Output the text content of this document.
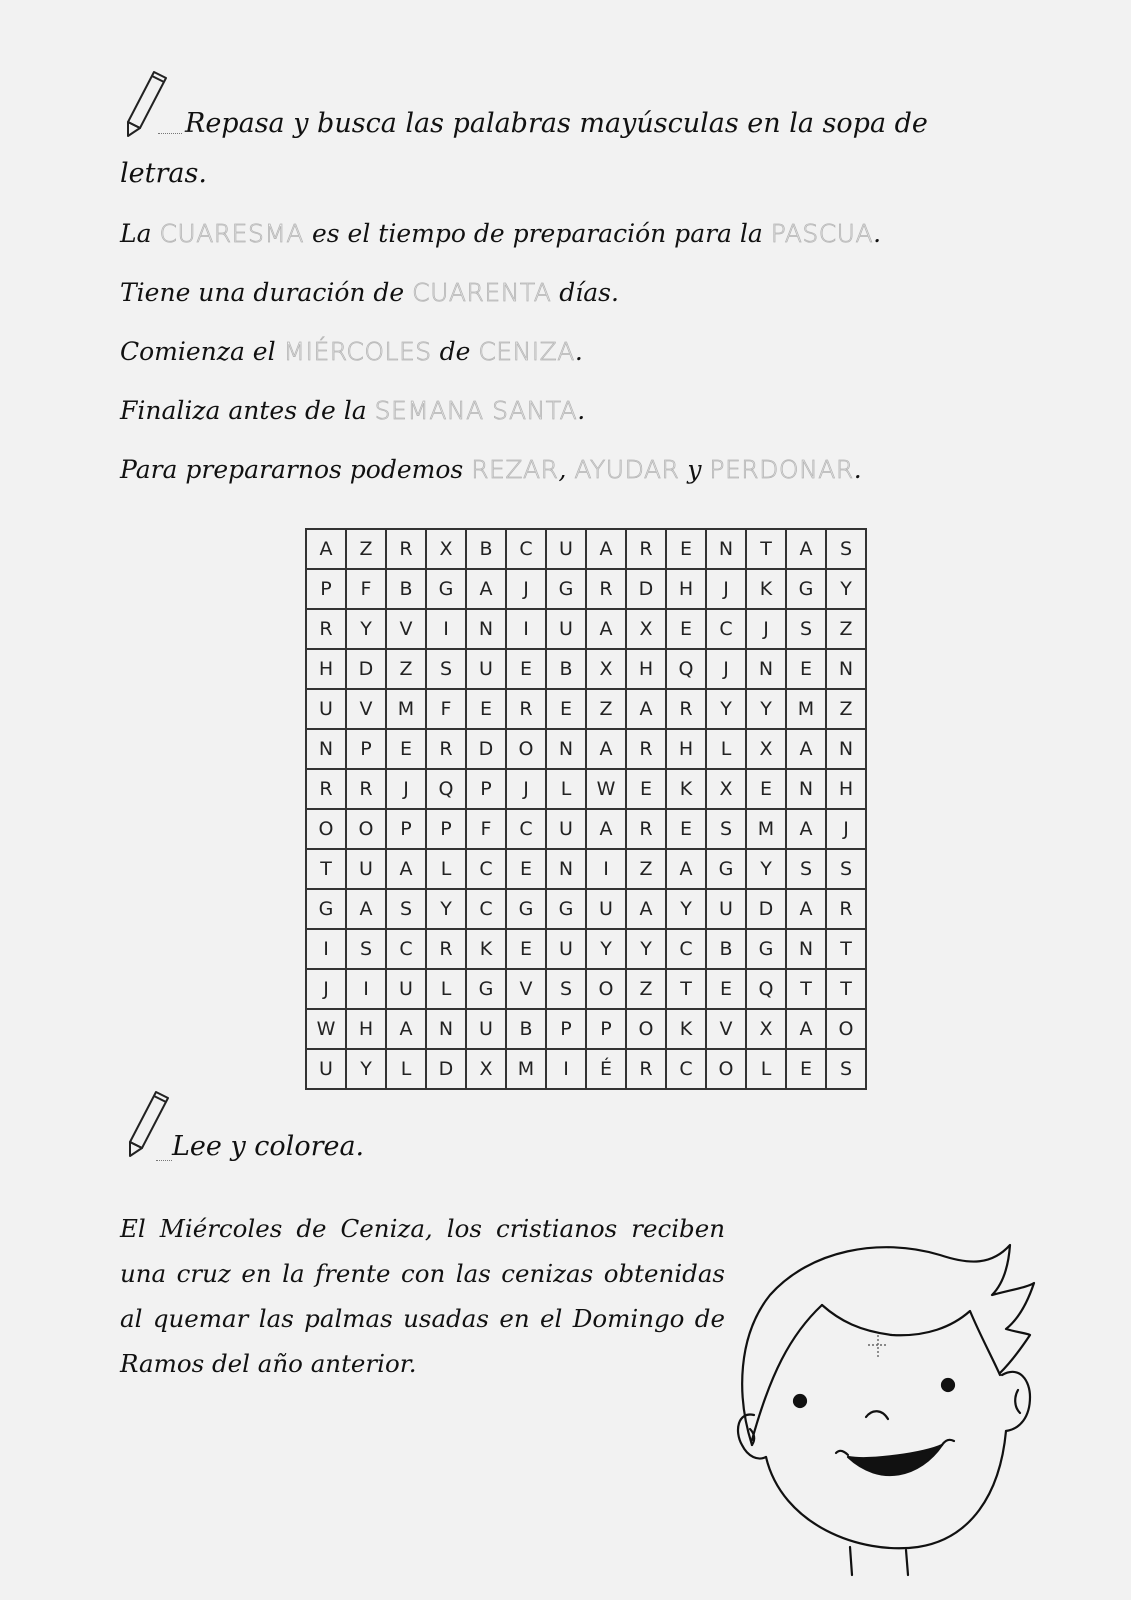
Repasa y busca las palabras mayúsculas en la sopa de

letras.

La CUARESMA es el tiempo de preparación para la PASCUA.

Tiene una duración de CUARENTA días.

Comienza el MIÉRCOLES de CENIZA.

Finaliza antes de la SEMANA SANTA.

Para prepararnos podemos REZAR, AYUDAR y PERDONAR.

A	Z	R	X	B	C	U	A	R	E	N	T	A	S
P	F	B	G	A	J	G	R	D	H	J	K	G	Y
R	Y	V	I	N	I	U	A	X	E	C	J	S	Z
H	D	Z	S	U	E	B	X	H	Q	J	N	E	N
U	V	M	F	E	R	E	Z	A	R	Y	Y	M	Z
N	P	E	R	D	O	N	A	R	H	L	X	A	N
R	R	J	Q	P	J	L	W	E	K	X	E	N	H
O	O	P	P	F	C	U	A	R	E	S	M	A	J
T	U	A	L	C	E	N	I	Z	A	G	Y	S	S
G	A	S	Y	C	G	G	U	A	Y	U	D	A	R
I	S	C	R	K	E	U	Y	Y	C	B	G	N	T
J	I	U	L	G	V	S	O	Z	T	E	Q	T	T
W	H	A	N	U	B	P	P	O	K	V	X	A	O
U	Y	L	D	X	M	I	É	R	C	O	L	E	S

Lee y colorea.

El Miércoles de Ceniza, los cristianos reciben una cruz en la frente con las cenizas obtenidas al quemar las palmas usadas en el Domingo de Ramos del año anterior.
